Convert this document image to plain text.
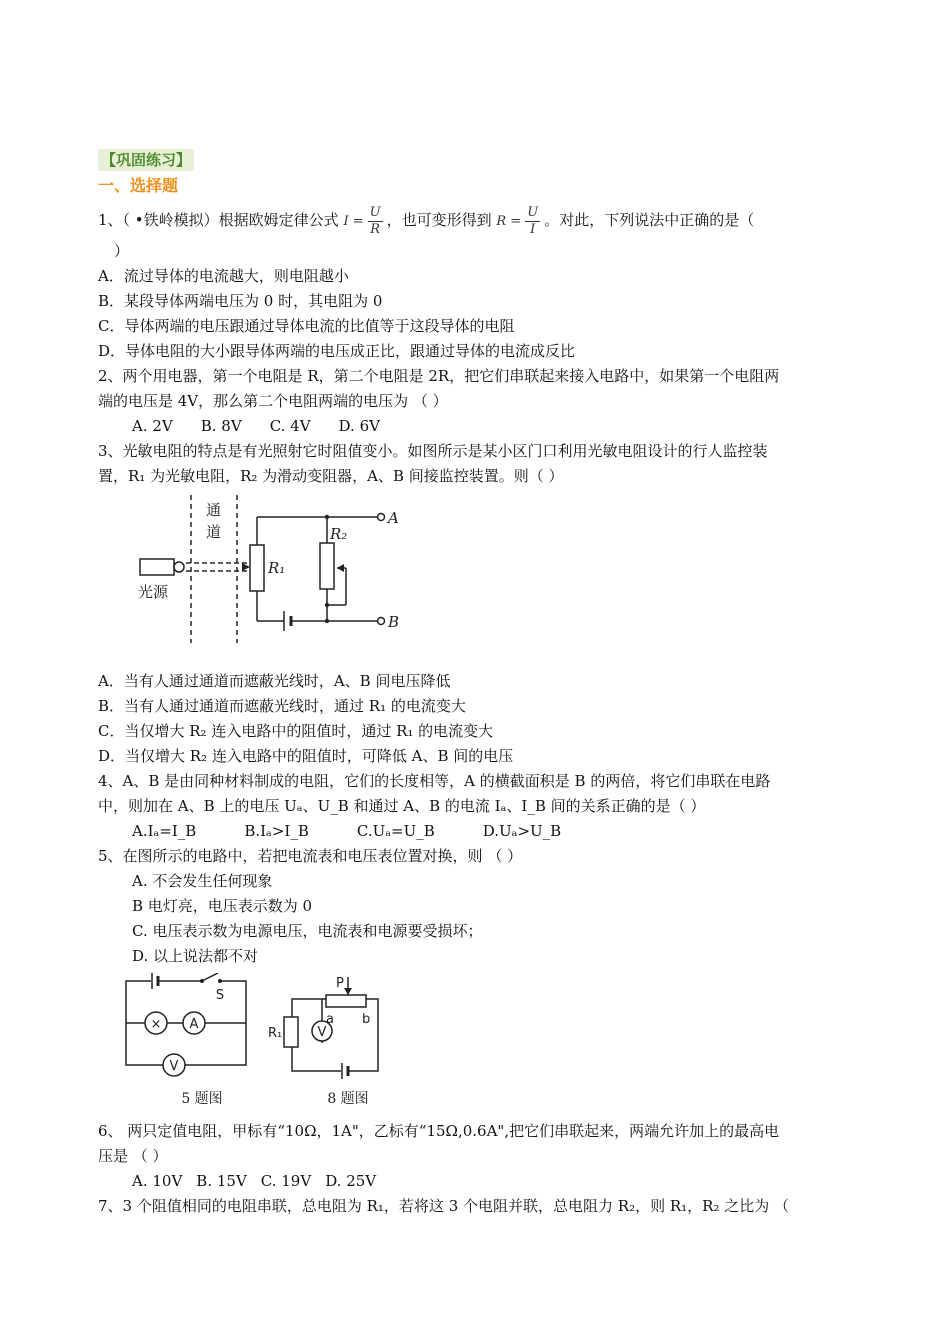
【巩固练习】
一、选择题
1、（ •铁岭模拟）根据欧姆定律公式 $I = \frac{U}{R}$ ，也可变形得到 $R = \frac{U}{I}$ 。对此，下列说法中正确的是（
）
A．流过导体的电流越大，则电阻越小
B．某段导体两端电压为 0 时，其电阻为 0
C．导体两端的电压跟通过导体电流的比值等于这段导体的电阻
D．导体电阻的大小跟导体两端的电压成正比，跟通过导体的电流成反比
2、两个用电器，第一个电阻是 R，第二个电阻是 2R，把它们串联起来接入电路中，如果第一个电阻两
端的电压是 4V，那么第二个电阻两端的电压为 （ ）
A. 2V B. 8V C. 4V D. 6V
3、光敏电阻的特点是有光照射它时阻值变小。如图所示是某小区门口利用光敏电阻设计的行人监控装
置，R₁ 为光敏电阻，R₂ 为滑动变阻器，A、B 间接监控装置。则（ ）
通
道
光源
R₁
R₂
A
B
A．当有人通过通道而遮蔽光线时，A、B 间电压降低
B．当有人通过通道而遮蔽光线时，通过 R₁ 的电流变大
C．当仅增大 R₂ 连入电路中的阻值时，通过 R₁ 的电流变大
D．当仅增大 R₂ 连入电路中的阻值时，可降低 A、B 间的电压
4、A、B 是由同种材料制成的电阻，它们的长度相等，A 的横截面积是 B 的两倍，将它们串联在电路
中，则加在 A、B 上的电压 Uₐ、U_B 和通过 A、B 的电流 Iₐ、I_B 间的关系正确的是（ ）
A.Iₐ=I_B	B.Iₐ>I_B	C.Uₐ=U_B	D.Uₐ>U_B
5、在图所示的电路中，若把电流表和电压表位置对换，则 （ ）
A. 不会发生任何现象
B 电灯亮，电压表示数为 0
C. 电压表示数为电源电压，电流表和电源要受损坏；
D. 以上说法都不对
S
× A
V
P
a b
R₁	V
5 题图	8 题图
6、 两只定值电阻，甲标有“10Ω，1A"，乙标有“15Ω,0.6A",把它们串联起来，两端允许加上的最高电
压是 （ ）
A. 10V B. 15V C. 19V D. 25V
7、3 个阻值相同的电阻串联，总电阻为 R₁，若将这 3 个电阻并联，总电阻力 R₂，则 R₁，R₂ 之比为 （
